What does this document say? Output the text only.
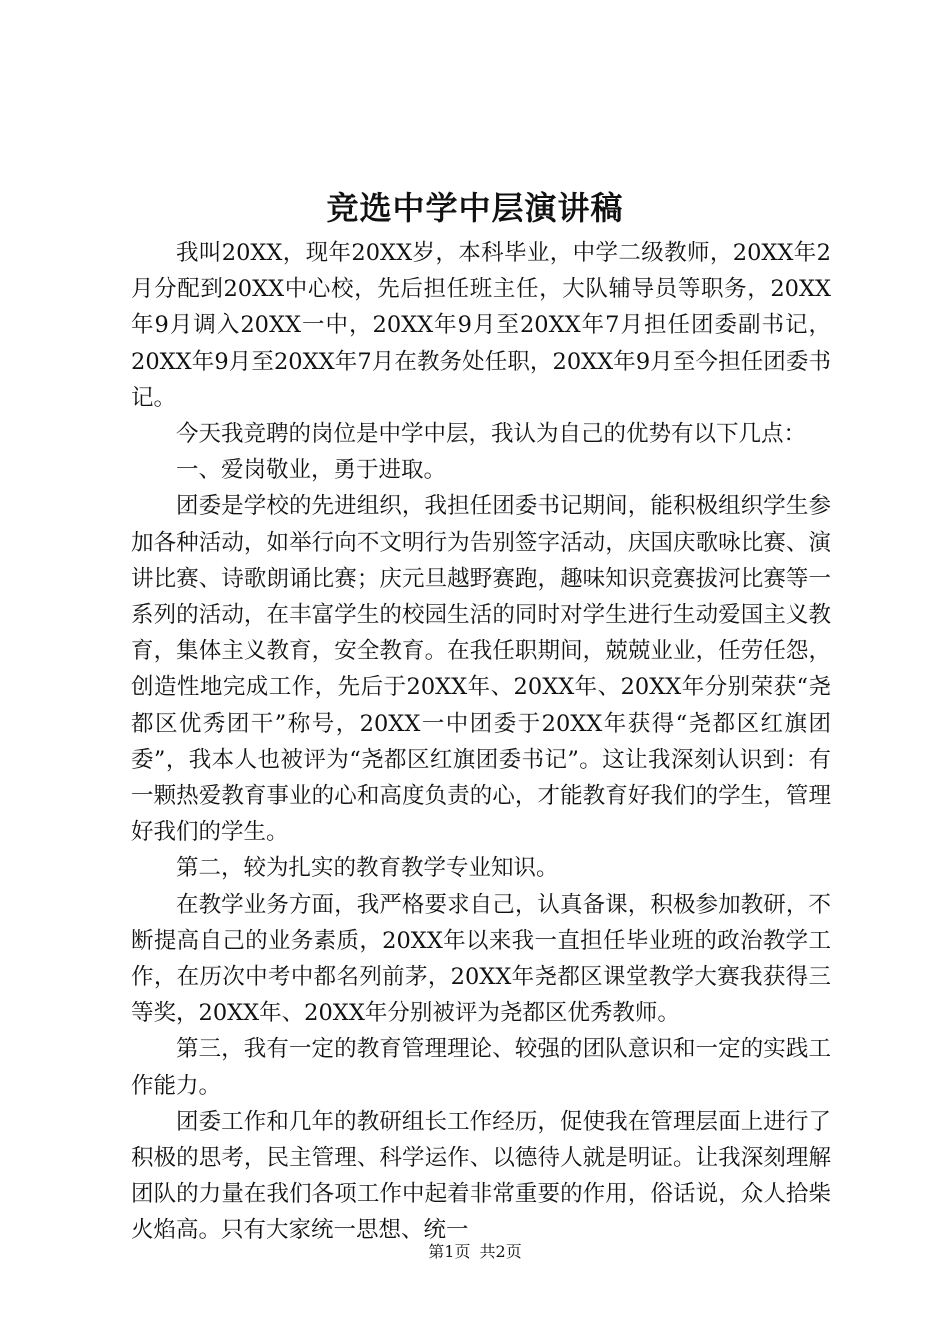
竞选中学中层演讲稿

我叫20XX，现年20XX岁，本科毕业，中学二级教师，20XX年2月分配到20XX中心校，先后担任班主任，大队辅导员等职务，20XX年9月调入20XX一中，20XX年9月至20XX年7月担任团委副书记，20XX年9月至20XX年7月在教务处任职，20XX年9月至今担任团委书记。

今天我竞聘的岗位是中学中层，我认为自己的优势有以下几点：

一、爱岗敬业，勇于进取。

团委是学校的先进组织，我担任团委书记期间，能积极组织学生参加各种活动，如举行向不文明行为告别签字活动，庆国庆歌咏比赛、演讲比赛、诗歌朗诵比赛；庆元旦越野赛跑，趣味知识竞赛拔河比赛等一系列的活动，在丰富学生的校园生活的同时对学生进行生动爱国主义教育，集体主义教育，安全教育。在我任职期间，兢兢业业，任劳任怨，创造性地完成工作，先后于20XX年、20XX年、20XX年分别荣获“尧都区优秀团干”称号，20XX一中团委于20XX年获得“尧都区红旗团委”，我本人也被评为“尧都区红旗团委书记”。这让我深刻认识到：有一颗热爱教育事业的心和高度负责的心，才能教育好我们的学生，管理好我们的学生。

第二，较为扎实的教育教学专业知识。

在教学业务方面，我严格要求自己，认真备课，积极参加教研，不断提高自己的业务素质，20XX年以来我一直担任毕业班的政治教学工作，在历次中考中都名列前茅，20XX年尧都区课堂教学大赛我获得三等奖，20XX年、20XX年分别被评为尧都区优秀教师。

第三，我有一定的教育管理理论、较强的团队意识和一定的实践工作能力。

团委工作和几年的教研组长工作经历，促使我在管理层面上进行了积极的思考，民主管理、科学运作、以德待人就是明证。让我深刻理解团队的力量在我们各项工作中起着非常重要的作用，俗话说，众人拾柴火焰高。只有大家统一思想、统一

第1页 共2页
